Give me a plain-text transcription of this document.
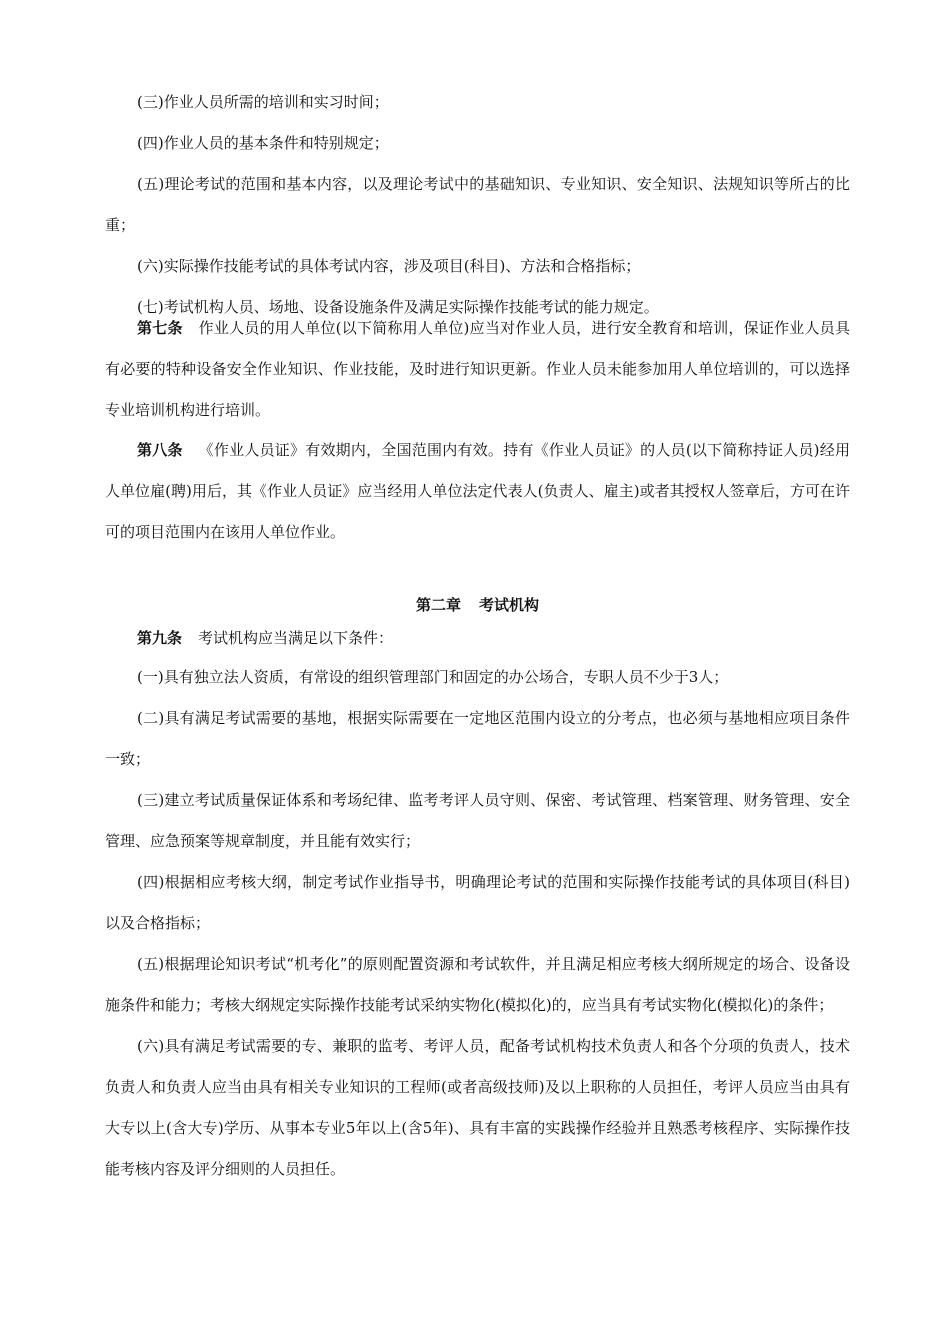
(三)作业人员所需的培训和实习时间；

(四)作业人员的基本条件和特别规定；

(五)理论考试的范围和基本内容，以及理论考试中的基础知识、专业知识、安全知识、法规知识等所占的比重；

(六)实际操作技能考试的具体考试内容，涉及项目(科目)、方法和合格指标；

(七)考试机构人员、场地、设备设施条件及满足实际操作技能考试的能力规定。

第七条 作业人员的用人单位(以下简称用人单位)应当对作业人员，进行安全教育和培训，保证作业人员具有必要的特种设备安全作业知识、作业技能，及时进行知识更新。作业人员未能参加用人单位培训的，可以选择专业培训机构进行培训。

第八条 《作业人员证》有效期内，全国范围内有效。持有《作业人员证》的人员(以下简称持证人员)经用人单位雇(聘)用后，其《作业人员证》应当经用人单位法定代表人(负责人、雇主)或者其授权人签章后，方可在许可的项目范围内在该用人单位作业。

第二章 考试机构

第九条 考试机构应当满足以下条件：

(一)具有独立法人资质，有常设的组织管理部门和固定的办公场合，专职人员不少于3人；

(二)具有满足考试需要的基地，根据实际需要在一定地区范围内设立的分考点，也必须与基地相应项目条件一致；

(三)建立考试质量保证体系和考场纪律、监考考评人员守则、保密、考试管理、档案管理、财务管理、安全管理、应急预案等规章制度，并且能有效实行；

(四)根据相应考核大纲，制定考试作业指导书，明确理论考试的范围和实际操作技能考试的具体项目(科目)以及合格指标；

(五)根据理论知识考试“机考化”的原则配置资源和考试软件，并且满足相应考核大纲所规定的场合、设备设施条件和能力；考核大纲规定实际操作技能考试采纳实物化(模拟化)的，应当具有考试实物化(模拟化)的条件；

(六)具有满足考试需要的专、兼职的监考、考评人员，配备考试机构技术负责人和各个分项的负责人，技术负责人和负责人应当由具有相关专业知识的工程师(或者高级技师)及以上职称的人员担任，考评人员应当由具有大专以上(含大专)学历、从事本专业5年以上(含5年)、具有丰富的实践操作经验并且熟悉考核程序、实际操作技能考核内容及评分细则的人员担任。
